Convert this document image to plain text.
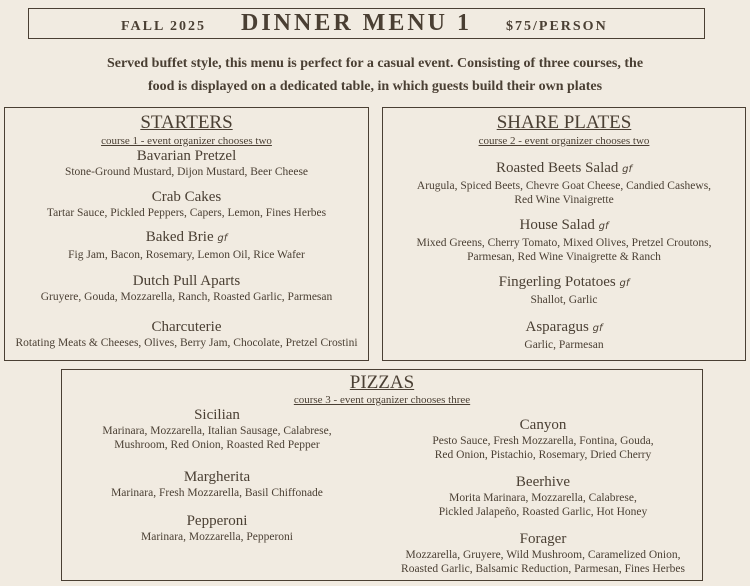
FALL 2025 DINNER MENU 1 $75/PERSON
Served buffet style, this menu is perfect for a casual event. Consisting of three courses, the
food is displayed on a dedicated table, in which guests build their own plates
STARTERS
course 1 - event organizer chooses two
Bavarian Pretzel
Stone-Ground Mustard, Dijon Mustard, Beer Cheese
Crab Cakes
Tartar Sauce, Pickled Peppers, Capers, Lemon, Fines Herbes
Baked Brie gf
Fig Jam, Bacon, Rosemary, Lemon Oil, Rice Wafer
Dutch Pull Aparts
Gruyere, Gouda, Mozzarella, Ranch, Roasted Garlic, Parmesan
Charcuterie
Rotating Meats & Cheeses, Olives, Berry Jam, Chocolate, Pretzel Crostini
SHARE PLATES
course 2 - event organizer chooses two
Roasted Beets Salad gf
Arugula, Spiced Beets, Chevre Goat Cheese, Candied Cashews,
Red Wine Vinaigrette
House Salad gf
Mixed Greens, Cherry Tomato, Mixed Olives, Pretzel Croutons,
Parmesan, Red Wine Vinaigrette & Ranch
Fingerling Potatoes gf
Shallot, Garlic
Asparagus gf
Garlic, Parmesan
PIZZAS
course 3 - event organizer chooses three
Sicilian
Marinara, Mozzarella, Italian Sausage, Calabrese,
Mushroom, Red Onion, Roasted Red Pepper
Margherita
Marinara, Fresh Mozzarella, Basil Chiffonade
Pepperoni
Marinara, Mozzarella, Pepperoni
Canyon
Pesto Sauce, Fresh Mozzarella, Fontina, Gouda,
Red Onion, Pistachio, Rosemary, Dried Cherry
Beerhive
Morita Marinara, Mozzarella, Calabrese,
Pickled Jalapeño, Roasted Garlic, Hot Honey
Forager
Mozzarella, Gruyere, Wild Mushroom, Caramelized Onion,
Roasted Garlic, Balsamic Reduction, Parmesan, Fines Herbes
